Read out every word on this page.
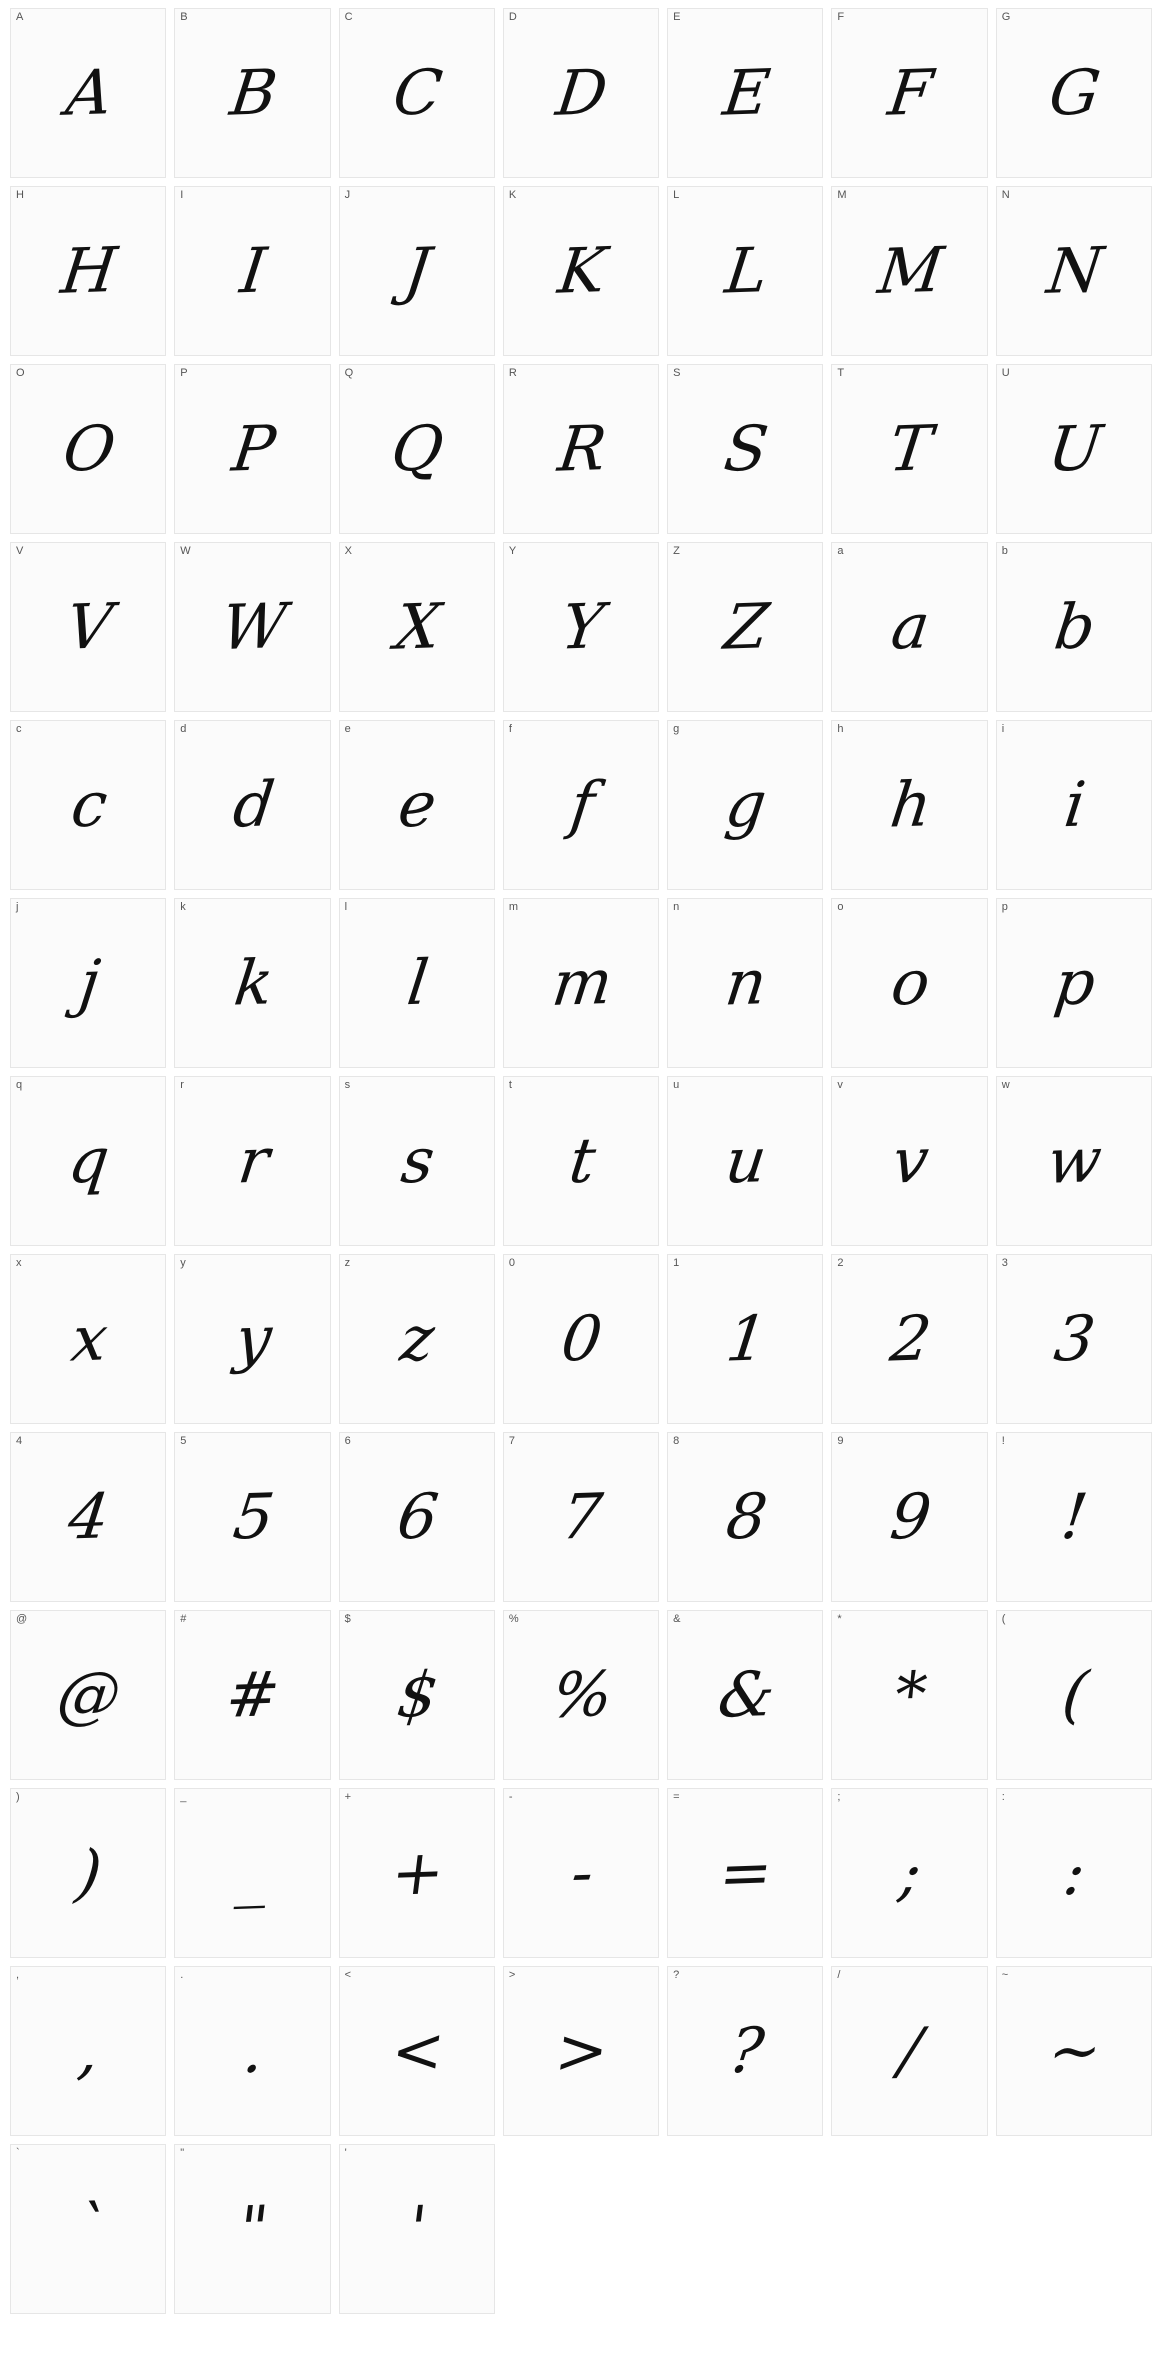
A
A
B
B
C
C
D
D
E
E
F
F
G
G
H
H
I
I
J
J
K
K
L
L
M
M
N
N
O
O
P
P
Q
Q
R
R
S
S
T
T
U
U
V
V
W
W
X
X
Y
Y
Z
Z
a
a
b
b
c
c
d
d
e
e
f
f
g
g
h
h
i
i
j
j
k
k
l
l
m
m
n
n
o
o
p
p
q
q
r
r
s
s
t
t
u
u
v
v
w
w
x
x
y
y
z
z
0
0
1
1
2
2
3
3
4
4
5
5
6
6
7
7
8
8
9
9
!
!
@
@
#
#
$
$
%
%
&
&
*
*
(
(
)
)
_
_
+
+
-
-
=
=
;
;
:
:
,
,
.
.
<
<
>
>
?
?
/
/
~
~
`
`
"
"
'
'
